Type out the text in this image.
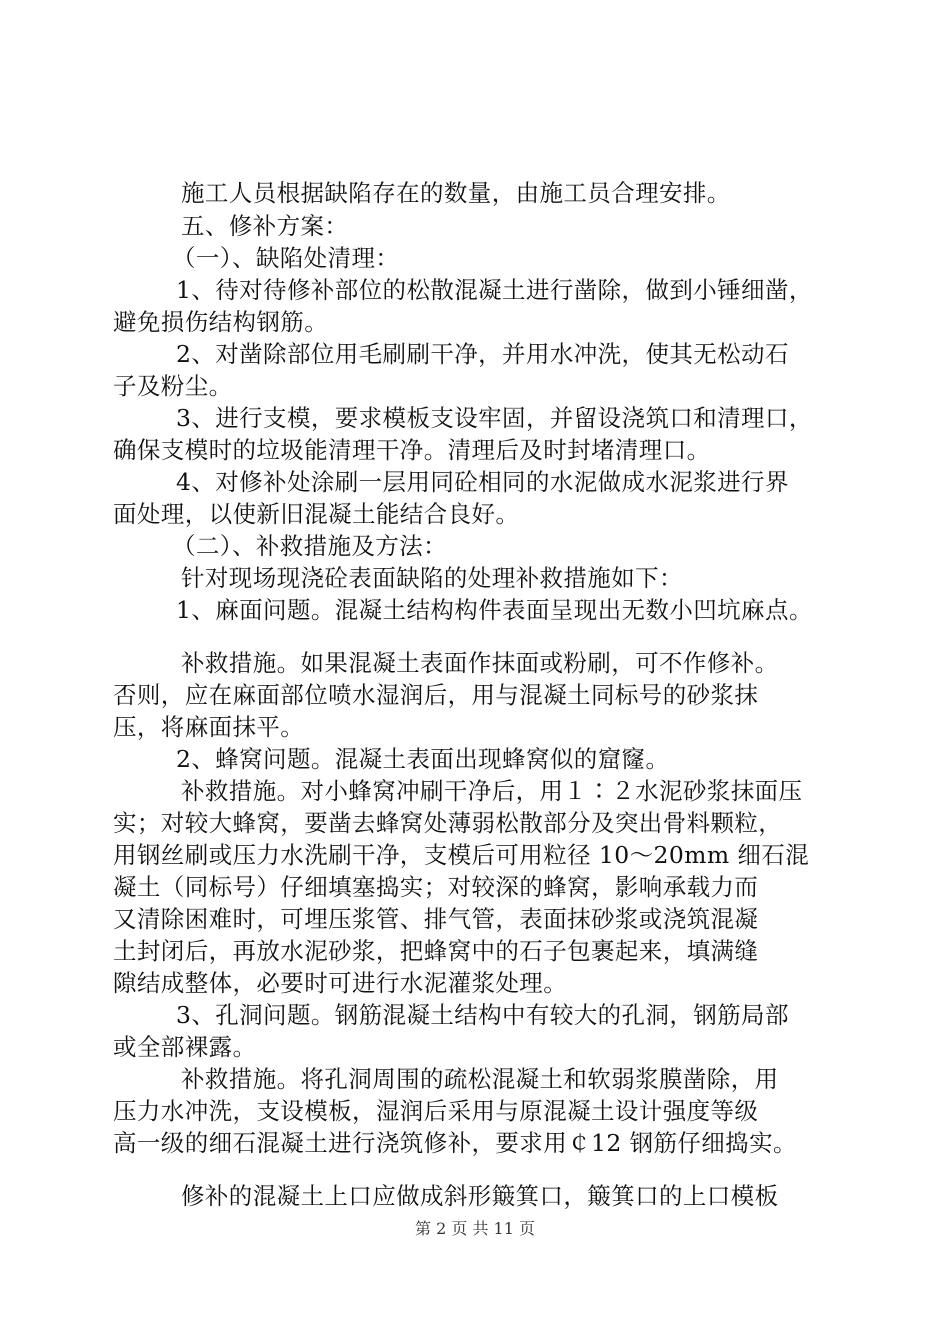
施工人员根据缺陷存在的数量，由施工员合理安排。
五、修补方案：
（一）、缺陷处清理：
1、待对待修补部位的松散混凝土进行凿除，做到小锤细凿，
避免损伤结构钢筋。
2、对凿除部位用毛刷刷干净，并用水冲洗，使其无松动石
子及粉尘。
3、进行支模，要求模板支设牢固，并留设浇筑口和清理口，
确保支模时的垃圾能清理干净。清理后及时封堵清理口。
4、对修补处涂刷一层用同砼相同的水泥做成水泥浆进行界
面处理，以使新旧混凝土能结合良好。
（二）、补救措施及方法：
针对现场现浇砼表面缺陷的处理补救措施如下：
1、麻面问题。混凝土结构构件表面呈现出无数小凹坑麻点。
补救措施。如果混凝土表面作抹面或粉刷，可不作修补。
否则，应在麻面部位喷水湿润后，用与混凝土同标号的砂浆抹
压，将麻面抹平。
2、蜂窝问题。混凝土表面出现蜂窝似的窟窿。
补救措施。对小蜂窝冲刷干净后，用１∶２水泥砂浆抹面压
实；对较大蜂窝，要凿去蜂窝处薄弱松散部分及突出骨料颗粒，
用钢丝刷或压力水洗刷干净，支模后可用粒径 10～20mm 细石混
凝土（同标号）仔细填塞捣实；对较深的蜂窝，影响承载力而
又清除困难时，可埋压浆管、排气管，表面抹砂浆或浇筑混凝
土封闭后，再放水泥砂浆，把蜂窝中的石子包裹起来，填满缝
隙结成整体，必要时可进行水泥灌浆处理。
3、孔洞问题。钢筋混凝土结构中有较大的孔洞，钢筋局部
或全部裸露。
补救措施。将孔洞周围的疏松混凝土和软弱浆膜凿除，用
压力水冲洗，支设模板，湿润后采用与原混凝土设计强度等级
高一级的细石混凝土进行浇筑修补，要求用￠12 钢筋仔细捣实。
修补的混凝土上口应做成斜形簸箕口，簸箕口的上口模板
第 2 页 共 11 页
